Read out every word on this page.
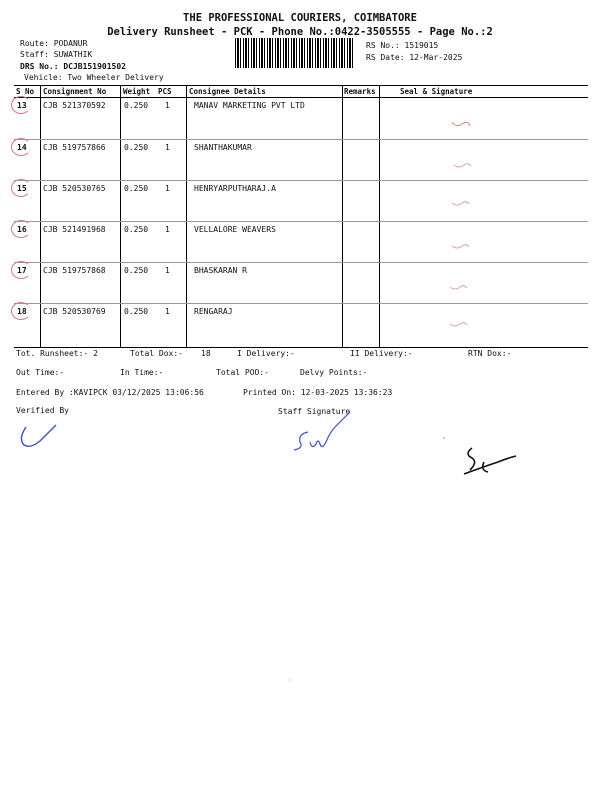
THE PROFESSIONAL COURIERS, COIMBATORE
Delivery Runsheet - PCK - Phone No.:0422-3505555 - Page No.:2
Route: PODANUR
Staff: SUWATHIK
DRS No.: DCJB151901502
Vehicle: Two Wheeler Delivery
RS No.: 1519015
RS Date: 12-Mar-2025
S No Consignment No Weight PCS Consignee Details	Remarks	Seal & Signature
13 CJB 521370592 0.250 1	MANAV MARKETING PVT LTD
14 CJB 519757866 0.250 1	SHANTHAKUMAR
15 CJB 520530765 0.250 1	HENRYARPUTHARAJ.A
16 CJB 521491968 0.250 1	VELLALORE WEAVERS
17 CJB 519757868 0.250 1	BHASKARAN R
18 CJB 520530769 0.250 1	RENGARAJ
Tot. Runsheet:- 2	Total Dox:- 18	I Delivery:-	II Delivery:-	RTN Dox:-
Out Time:-	In Time:-	Total POO:-	Delvy Points:-
Entered By :KAVIPCK 03/12/2025 13:06:56	Printed On: 12-03-2025 13:36:23
Verified By	Staff Signature
